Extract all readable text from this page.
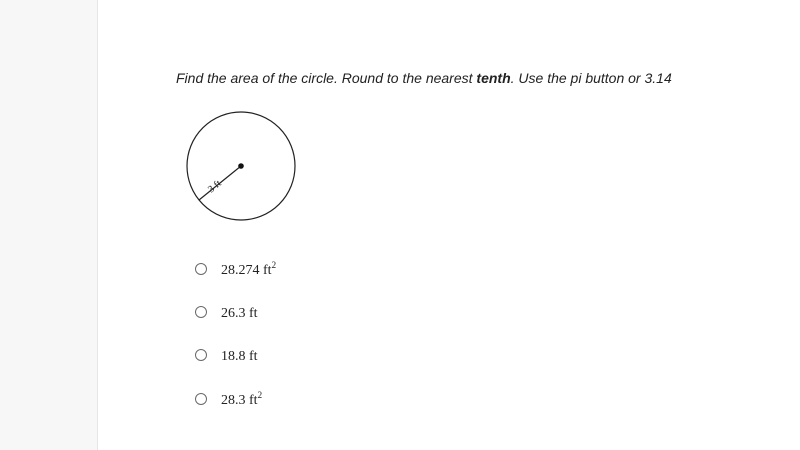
Find the area of the circle. Round to the nearest tenth. Use the pi button or 3.14
3 ft
28.274 $ft^2$
26.3 ft
18.8 ft
28.3 $ft^2$
